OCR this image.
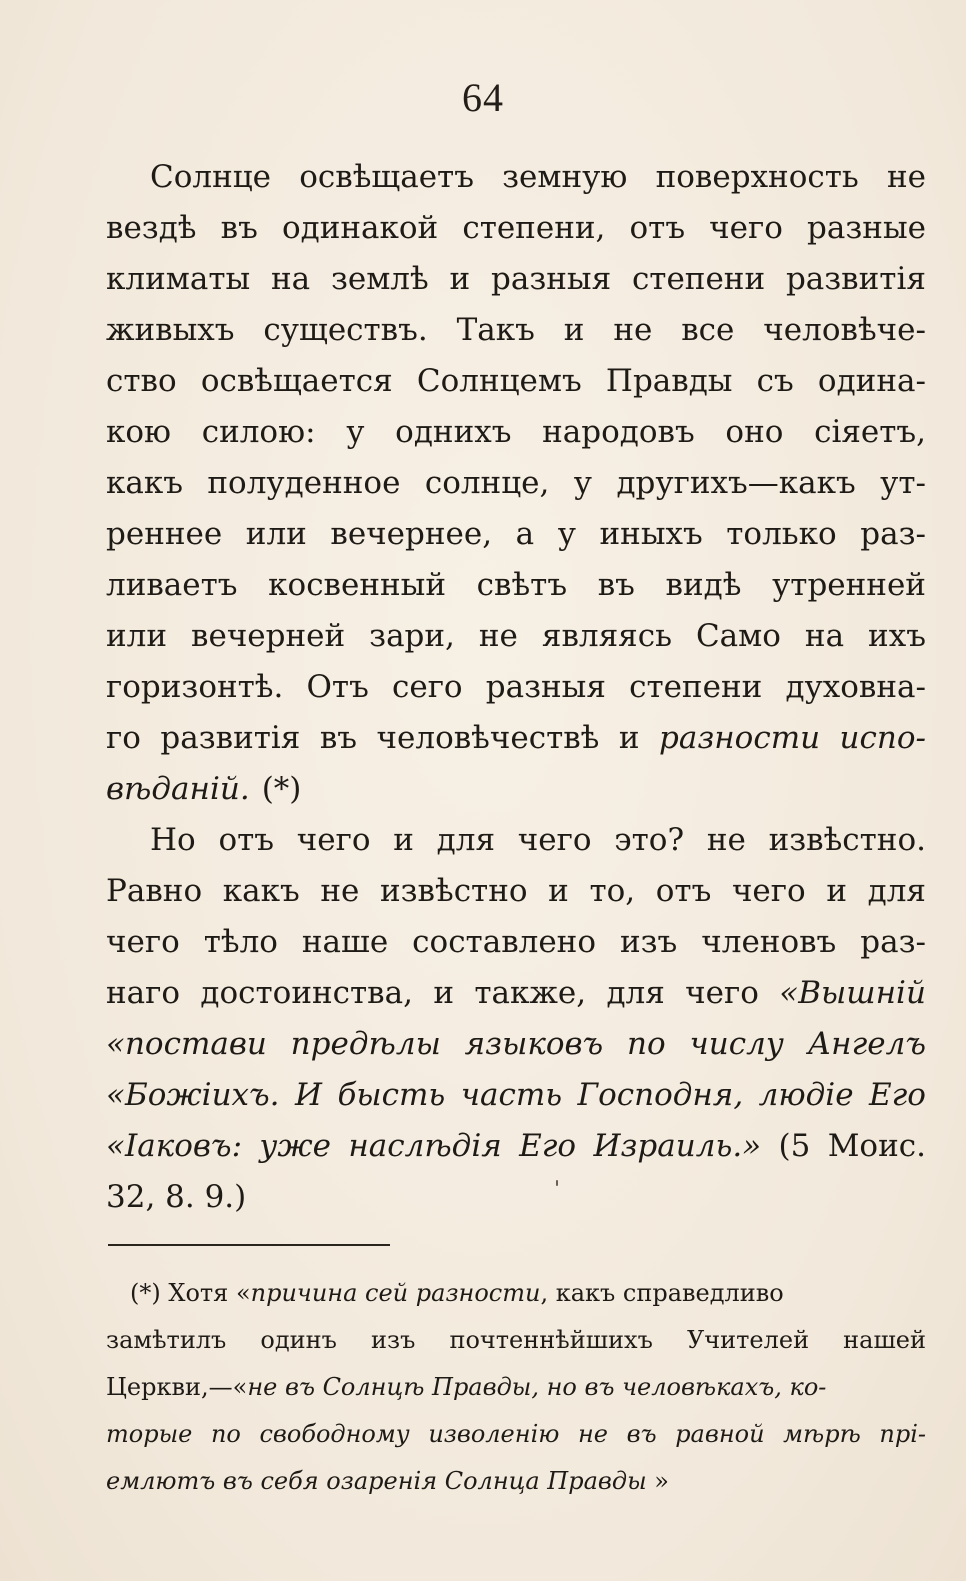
64
Солнце освѣщаетъ земную поверхность не
вездѣ въ одинакой степени, отъ чего разные
климаты на землѣ и разныя степени развитія
живыхъ существъ. Такъ и не все человѣче-
ство освѣщается Солнцемъ Правды съ одина-
кою силою: у однихъ народовъ оно сіяетъ,
какъ полуденное солнце, у другихъ—какъ ут-
реннее или вечернее, а у иныхъ только раз-
ливаетъ косвенный свѣтъ въ видѣ утренней
или вечерней зари, не являясь Само на ихъ
горизонтѣ. Отъ сего разныя степени духовна-
го развитія въ человѣчествѣ и разности испо-
вѣданій. (*)
Но отъ чего и для чего это? не извѣстно.
Равно какъ не извѣстно и то, отъ чего и для
чего тѣло наше составлено изъ членовъ раз-
наго достоинства, и также, для чего «Вышній
«постави предѣлы языковъ по числу Ангелъ
«Божіихъ. И бысть часть Господня, людіе Его
«Іаковъ: уже наслѣдія Его Израиль.» (5 Моис.
32, 8. 9.)
(*) Хотя «причина сей разности, какъ справедливо
замѣтилъ одинъ изъ почтеннѣйшихъ Учителей нашей
Церкви,—«не въ Солнцѣ Правды, но въ человѣкахъ, ко-
торые по свободному изволенію не въ равной мѣрѣ прі-
емлютъ въ себя озаренія Солнца Правды »
